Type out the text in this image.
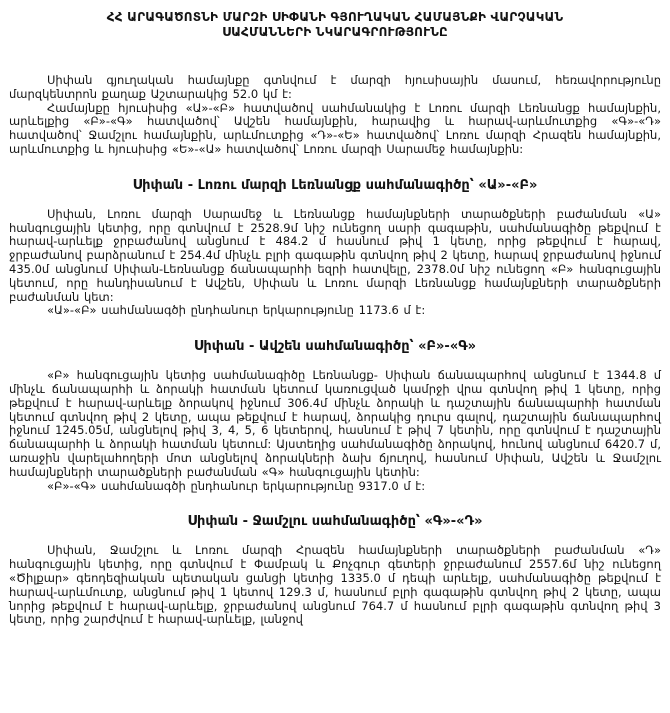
ՀՀ ԱՐԱԳԱԾՈՏՆԻ ՄԱՐԶԻ ՍԻՓԱՆԻ ԳՅՈՒՂԱԿԱՆ ՀԱՄԱՅՆՔԻ ՎԱՐՉԱԿԱՆ
ՍԱՀՄԱՆՆԵՐԻ ՆԿԱՐԱԳՐՈՒԹՅՈՒՆԸ

Սիփան գյուղական համայնքը գտնվում է մարզի հյուսիսային մասում, հեռավորությունը մարզկենտրոն քաղաք Աշտարակից 52.0 կմ է:

Համայնքը հյուսիսից «Ա»-«Բ» հատվածով սահմանակից է Լոռու մարզի Լեռնանցք համայնքին, արևելքից «Բ»-«Գ» հատվածով՝ Ավշեն համայնքին, հարավից և հարավ-արևմուտքից «Գ»-«Դ» հատվածով՝ Ջամշլու համայնքին, արևմուտքից «Դ»-«Ե» հատվածով՝ Լոռու մարզի Հրազեն համայնքին, արևմուտքից և հյուսիսից «Ե»-«Ա» հատվածով՝ Լոռու մարզի Սարամեջ համայնքին:

Սիփան - Լոռու մարզի Լեռնանցք սահմանագիծը՝ «Ա»-«Բ»

Սիփան, Լոռու մարզի Սարամեջ և Լեռնանցք համայնքների տարածքների բաժանման «Ա» հանգուցային կետից, որը գտնվում է 2528.9մ նիշ ունեցող սարի գագաթին, սահմանագիծը թեքվում է հարավ-արևելք ջրբաժանով անցնում է 484.2 մ հասնում թիվ 1 կետը, որից թեքվում է հարավ, ջրբաժանով բարձրանում է 254.4մ մինչև բլրի գագաթին գտնվող թիվ 2 կետը, հարավ ջրբաժանով իջնում 435.0մ անցնում Սիփան-Լեռնանցք ճանապարհի եզրի հատվելը, 2378.0մ նիշ ունեցող «Բ» հանգուցային կետում, որը հանդիսանում է Ավշեն, Սիփան և Լոռու մարզի Լեռնանցք համայնքների տարածքների բաժանման կետ:

«Ա»-«Բ» սահմանագծի ընդհանուր երկարությունը 1173.6 մ է:

Սիփան - Ավշեն սահմանագիծը՝ «Բ»-«Գ»

«Բ» հանգուցային կետից սահմանագիծը Լեռնանցք- Սիփան ճանապարհով անցնում է 1344.8 մ մինչև ճանապարհի և ձորակի հատման կետում կառուցված կամրջի վրա գտնվող թիվ 1 կետը, որից թեքվում է հարավ-արևելք ձորակով իջնում 306.4մ մինչև ձորակի և դաշտային ճանապարհի հատման կետում գտնվող թիվ 2 կետը, ապա թեքվում է հարավ, ձորակից դուրս գալով, դաշտային ճանապարհով իջնում 1245.05մ, անցնելով թիվ 3, 4, 5, 6 կետերով, հասնում է թիվ 7 կետին, որը գտնվում է դաշտային ճանապարհի և ձորակի հատման կետում: Այստեղից սահմանագիծը ձորակով, հունով անցնում 6420.7 մ, առաջին վարելահողերի մոտ անցնելով ձորակների ձախ ճյուղով, հասնում Սիփան, Ավշեն և Ջամշլու համայնքների տարածքների բաժանման «Գ» հանգուցային կետին:

«Բ»-«Գ» սահմանագծի ընդհանուր երկարությունը 9317.0 մ է:

Սիփան - Ջամշլու սահմանագիծը՝ «Գ»-«Դ»

Սիփան, Ջամշլու և Լոռու մարզի Հրազեն համայնքների տարածքների բաժանման «Դ» հանգուցային կետից, որը գտնվում է Փամբակ և Քոչգուր գետերի ջրբաժանում 2557.6մ նիշ ունեցող «Ծիլքար» գեոդեզիական պետական ցանցի կետից 1335.0 մ դեպի արևելք, սահմանագիծը թեքվում է հարավ-արևմուտք, անցնում թիվ 1 կետով 129.3 մ, հասնում բլրի գագաթին գտնվող թիվ 2 կետը, ապա նորից թեքվում է հարավ-արևելք, ջրբաժանով անցնում 764.7 մ հասնում բլրի գագաթին գտնվող թիվ 3 կետը, որից շարժվում է հարավ-արևելք, լանջով
